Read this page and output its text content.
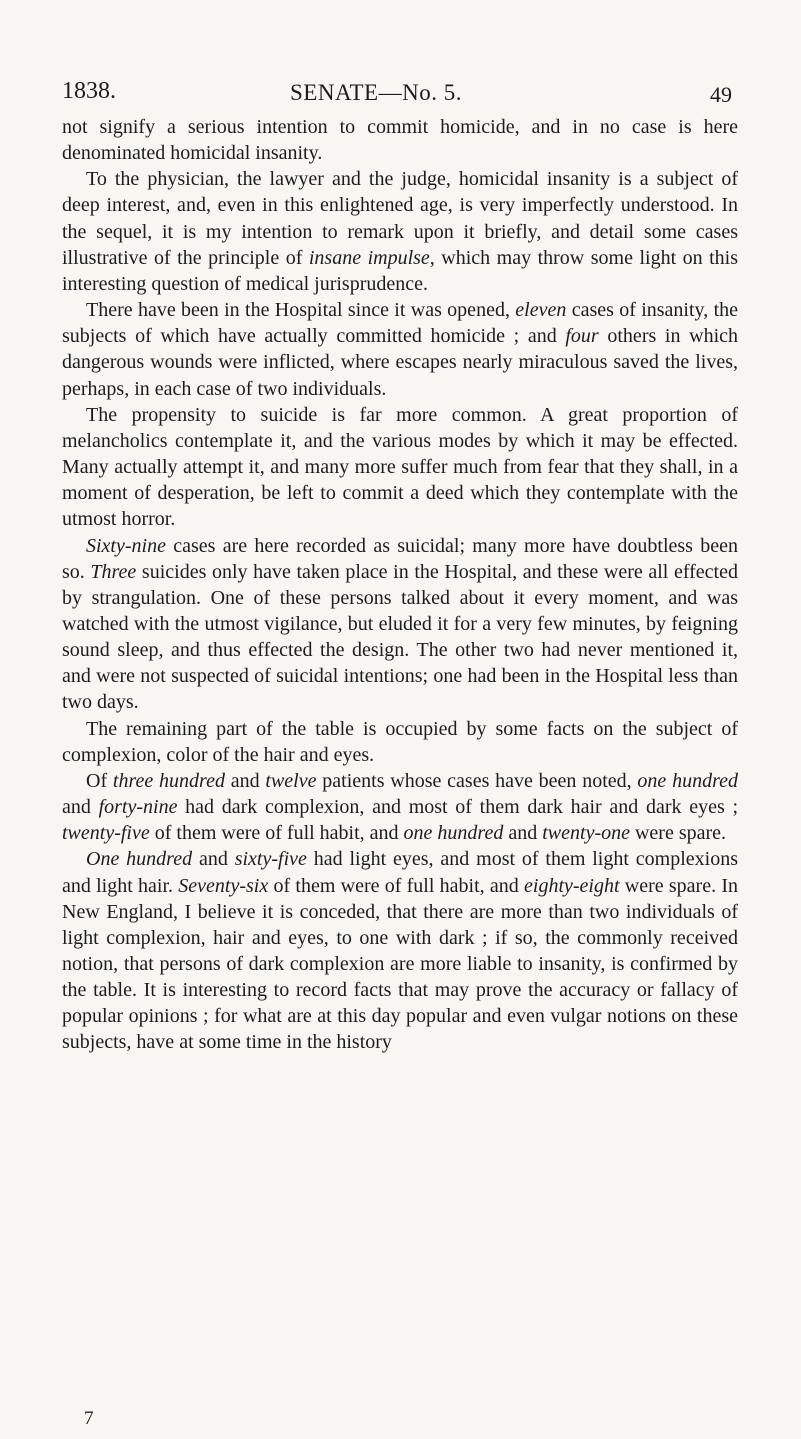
1838.	SENATE—No. 5.	49

not signify a serious intention to commit homicide, and in no case is here denominated homicidal insanity.

To the physician, the lawyer and the judge, homicidal insanity is a subject of deep interest, and, even in this enlightened age, is very imperfectly understood. In the sequel, it is my intention to remark upon it briefly, and detail some cases illustrative of the principle of insane impulse, which may throw some light on this interesting question of medical jurisprudence.

There have been in the Hospital since it was opened, eleven cases of insanity, the subjects of which have actually committed homicide ; and four others in which dangerous wounds were inflicted, where escapes nearly miraculous saved the lives, perhaps, in each case of two individuals.

The propensity to suicide is far more common. A great proportion of melancholics contemplate it, and the various modes by which it may be effected. Many actually attempt it, and many more suffer much from fear that they shall, in a moment of desperation, be left to commit a deed which they contemplate with the utmost horror.

Sixty-nine cases are here recorded as suicidal; many more have doubtless been so. Three suicides only have taken place in the Hospital, and these were all effected by strangulation. One of these persons talked about it every moment, and was watched with the utmost vigilance, but eluded it for a very few minutes, by feigning sound sleep, and thus effected the design. The other two had never mentioned it, and were not suspected of suicidal intentions; one had been in the Hospital less than two days.

The remaining part of the table is occupied by some facts on the subject of complexion, color of the hair and eyes.

Of three hundred and twelve patients whose cases have been noted, one hundred and forty-nine had dark complexion, and most of them dark hair and dark eyes ; twenty-five of them were of full habit, and one hundred and twenty-one were spare.

One hundred and sixty-five had light eyes, and most of them light complexions and light hair. Seventy-six of them were of full habit, and eighty-eight were spare. In New England, I believe it is conceded, that there are more than two individuals of light complexion, hair and eyes, to one with dark ; if so, the commonly received notion, that persons of dark complexion are more liable to insanity, is confirmed by the table. It is interesting to record facts that may prove the accuracy or fallacy of popular opinions ; for what are at this day popular and even vulgar notions on these subjects, have at some time in the history

7
